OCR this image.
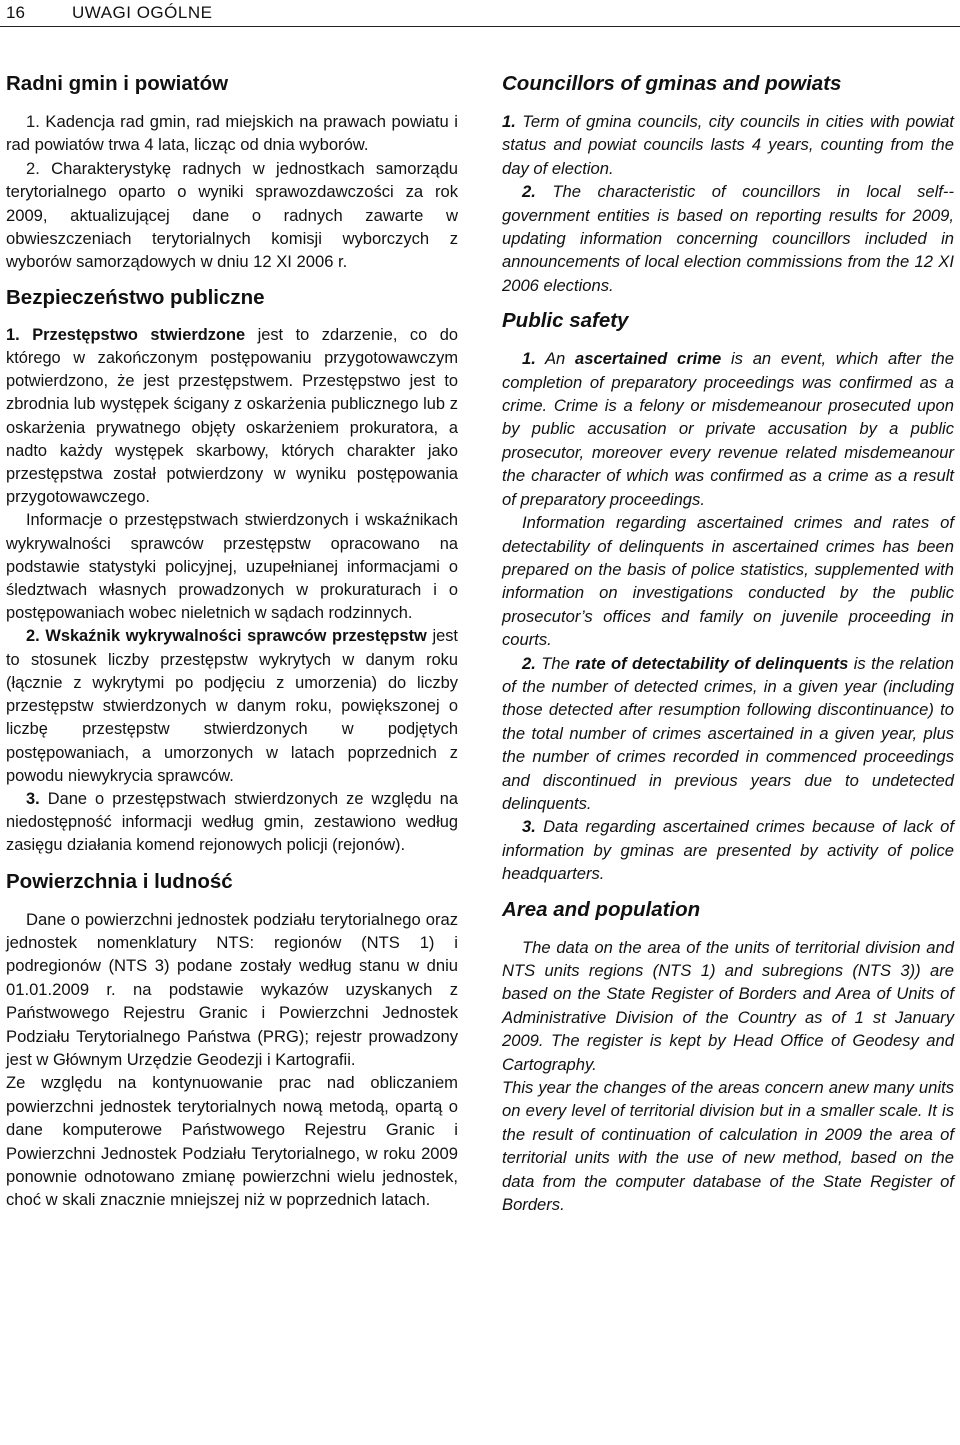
16	UWAGI OGÓLNE
Radni gmin i powiatów

1. Kadencja rad gmin, rad miejskich na prawach powiatu i rad powiatów trwa 4 lata, licząc od dnia wyborów.

2. Charakterystykę radnych w jednostkach samorządu terytorialnego oparto o wyniki sprawozdawczości za rok 2009, aktualizującej dane o radnych zawarte w obwieszczeniach terytorialnych komisji wyborczych z wyborów samorządowych w dniu 12 XI 2006 r.

Bezpieczeństwo publiczne

1. Przestępstwo stwierdzone jest to zdarzenie, co do którego w zakończonym postępowaniu przygotowawczym potwierdzono, że jest przestępstwem. Przestępstwo jest to zbrodnia lub występek ścigany z oskarżenia publicznego lub z oskarżenia prywatnego objęty oskarżeniem prokuratora, a nadto każdy występek skarbowy, których charakter jako przestępstwa został potwierdzony w wyniku postępowania przygotowawczego.

Informacje o przestępstwach stwierdzonych i wskaźnikach wykrywalności sprawców przestępstw opracowano na podstawie statystyki policyjnej, uzupełnianej informacjami o śledztwach własnych prowadzonych w prokuraturach i o postępowaniach wobec nieletnich w sądach rodzinnych.

2. Wskaźnik wykrywalności sprawców przestępstw jest to stosunek liczby przestępstw wykrytych w danym roku (łącznie z wykrytymi po podjęciu z umorzenia) do liczby przestępstw stwierdzonych w danym roku, powiększonej o liczbę przestępstw stwierdzonych w podjętych postępowaniach, a umorzonych w latach poprzednich z powodu niewykrycia sprawców.

3. Dane o przestępstwach stwierdzonych ze względu na niedostępność informacji według gmin, zestawiono według zasięgu działania komend rejonowych policji (rejonów).

Powierzchnia i ludność

Dane o powierzchni jednostek podziału terytorialnego oraz jednostek nomenklatury NTS: regionów (NTS 1) i podregionów (NTS 3) podane zostały według stanu w dniu 01.01.2009 r. na podstawie wykazów uzyskanych z Państwowego Rejestru Granic i Powierzchni Jednostek Podziału Terytorialnego Państwa (PRG); rejestr prowadzony jest w Głównym Urzędzie Geodezji i Kartografii.

Ze względu na kontynuowanie prac nad obliczaniem powierzchni jednostek terytorialnych nową metodą, opartą o dane komputerowe Państwowego Rejestru Granic i Powierzchni Jednostek Podziału Terytorialnego, w roku 2009 ponownie odnotowano zmianę powierzchni wielu jednostek, choć w skali znacznie mniejszej niż w poprzednich latach.

Councillors of gminas and powiats

1. Term of gmina councils, city councils in cities with powiat status and powiat councils lasts 4 years, counting from the day of election.

2. The characteristic of councillors in local self--government entities is based on reporting results for 2009, updating information concerning councillors included in announcements of local election commissions from the 12 XI 2006 elections.

Public safety

1. An ascertained crime is an event, which after the completion of preparatory proceedings was confirmed as a crime. Crime is a felony or misdemeanour prosecuted upon by public accusation or private accusation by a public prosecutor, moreover every revenue related misdemeanour the character of which was confirmed as a crime as a result of preparatory proceedings.

Information regarding ascertained crimes and rates of detectability of delinquents in ascertained crimes has been prepared on the basis of police statistics, supplemented with information on investigations conducted by the public prosecutor’s offices and family on juvenile proceeding in courts.

2. The rate of detectability of delinquents is the relation of the number of detected crimes, in a given year (including those detected after resumption following discontinuance) to the total number of crimes ascertained in a given year, plus the number of crimes recorded in commenced proceedings and discontinued in previous years due to undetected delinquents.

3. Data regarding ascertained crimes because of lack of information by gminas are presented by activity of police headquarters.

Area and population

The data on the area of the units of territorial division and NTS units regions (NTS 1) and subregions (NTS 3)) are based on the State Register of Borders and Area of Units of Administrative Division of the Country as of 1 st January 2009. The register is kept by Head Office of Geodesy and Cartography.

This year the changes of the areas concern anew many units on every level of territorial division but in a smaller scale. It is the result of continuation of calculation in 2009 the area of territorial units with the use of new method, based on the data from the computer database of the State Register of Borders.
